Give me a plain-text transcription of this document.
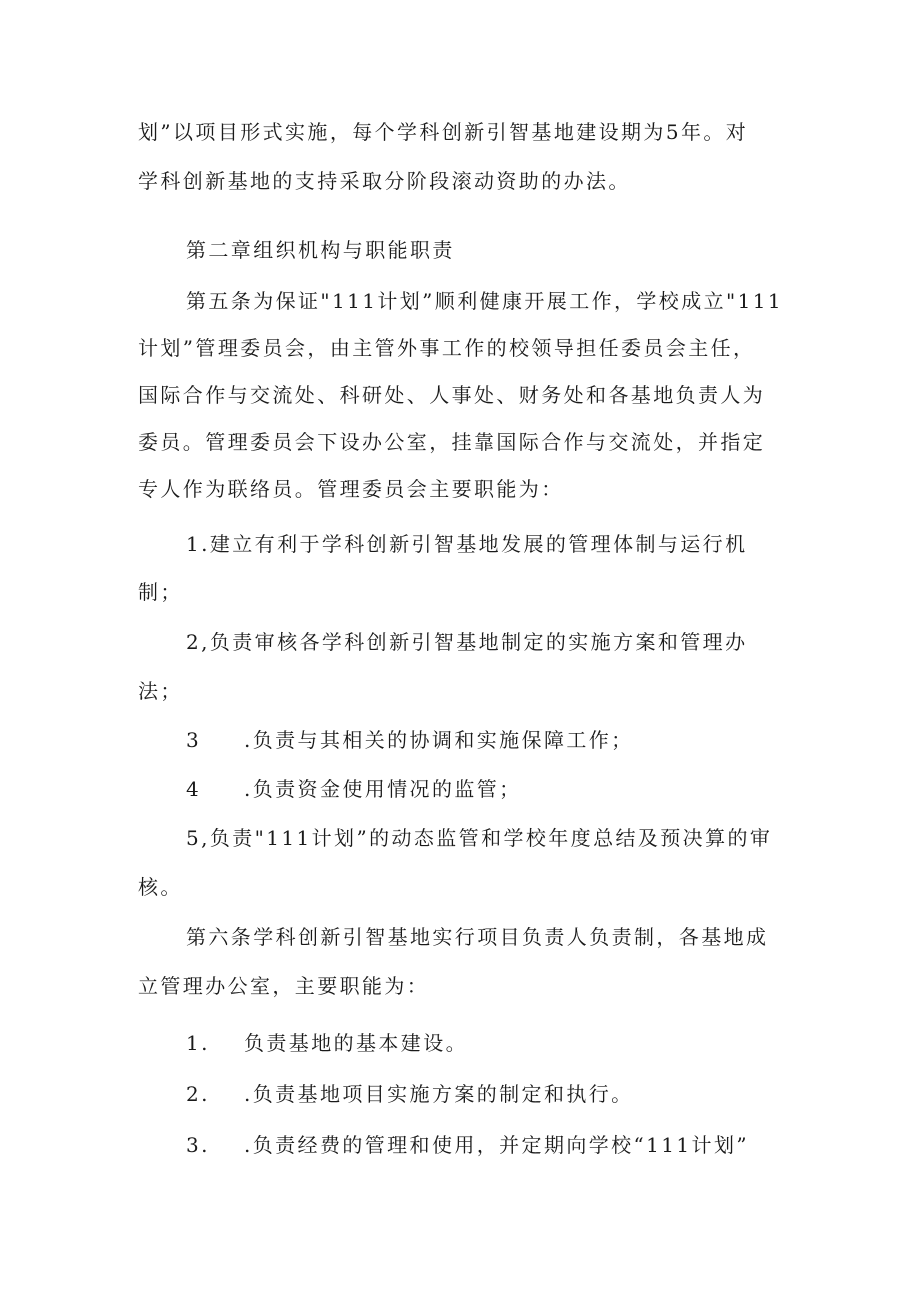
划”以项目形式实施，每个学科创新引智基地建设期为5年。对
学科创新基地的支持采取分阶段滚动资助的办法。
第二章组织机构与职能职责
第五条为保证"111计划”顺利健康开展工作，学校成立"111
计划”管理委员会，由主管外事工作的校领导担任委员会主任，
国际合作与交流处、科研处、人事处、财务处和各基地负责人为
委员。管理委员会下设办公室，挂靠国际合作与交流处，并指定
专人作为联络员。管理委员会主要职能为：
1.建立有利于学科创新引智基地发展的管理体制与运行机
制；
2,负责审核各学科创新引智基地制定的实施方案和管理办
法；
3 .负责与其相关的协调和实施保障工作；
4 .负责资金使用情况的监管；
5,负责"111计划”的动态监管和学校年度总结及预决算的审
核。
第六条学科创新引智基地实行项目负责人负责制，各基地成
立管理办公室，主要职能为：
1. 负责基地的基本建设。
2. .负责基地项目实施方案的制定和执行。
3. .负责经费的管理和使用，并定期向学校“111计划”
